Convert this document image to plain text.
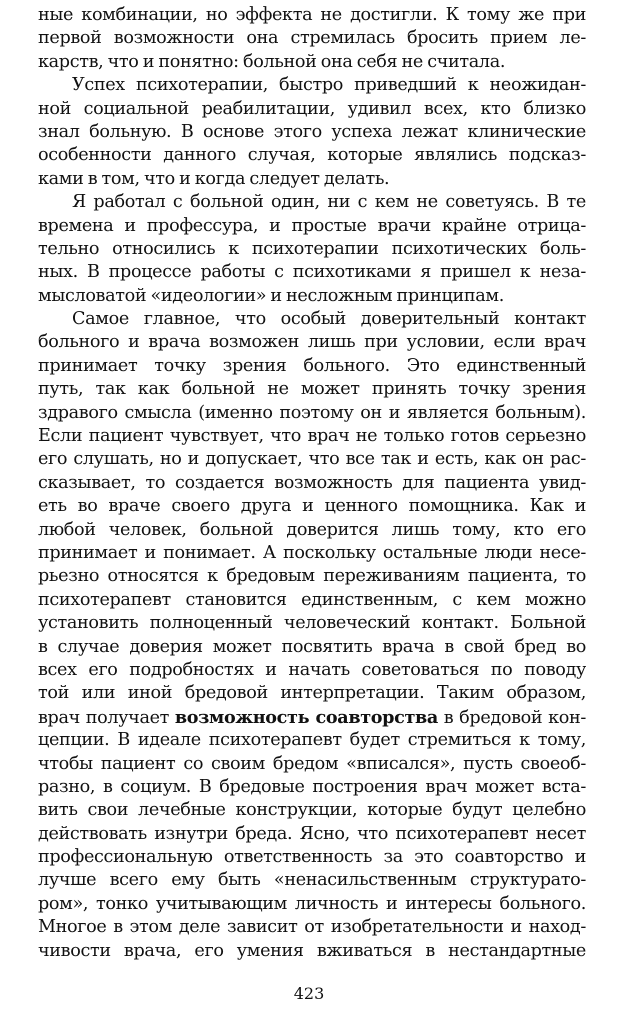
ные комбинации, но эффекта не достигли. К тому же при
первой возможности она стремилась бросить прием ле-
карств, что и понятно: больной она себя не считала.
Успех психотерапии, быстро приведший к неожидан-
ной социальной реабилитации, удивил всех, кто близко
знал больную. В основе этого успеха лежат клинические
особенности данного случая, которые являлись подсказ-
ками в том, что и когда следует делать.
Я работал с больной один, ни с кем не советуясь. В те
времена и профессура, и простые врачи крайне отрица-
тельно относились к психотерапии психотических боль-
ных. В процессе работы с психотиками я пришел к неза-
мысловатой «идеологии» и несложным принципам.
Самое главное, что особый доверительный контакт
больного и врача возможен лишь при условии, если врач
принимает точку зрения больного. Это единственный
путь, так как больной не может принять точку зрения
здравого смысла (именно поэтому он и является больным).
Если пациент чувствует, что врач не только готов серьезно
его слушать, но и допускает, что все так и есть, как он рас-
сказывает, то создается возможность для пациента увид-
еть во враче своего друга и ценного помощника. Как и
любой человек, больной доверится лишь тому, кто его
принимает и понимает. А поскольку остальные люди несе-
рьезно относятся к бредовым переживаниям пациента, то
психотерапевт становится единственным, с кем можно
установить полноценный человеческий контакт. Больной
в случае доверия может посвятить врача в свой бред во
всех его подробностях и начать советоваться по поводу
той или иной бредовой интерпретации. Таким образом,
врач получает возможность соавторства в бредовой кон-
цепции. В идеале психотерапевт будет стремиться к тому,
чтобы пациент со своим бредом «вписался», пусть своеоб-
разно, в социум. В бредовые построения врач может вста-
вить свои лечебные конструкции, которые будут целебно
действовать изнутри бреда. Ясно, что психотерапевт несет
профессиональную ответственность за это соавторство и
лучше всего ему быть «ненасильственным структурато-
ром», тонко учитывающим личность и интересы больного.
Многое в этом деле зависит от изобретательности и наход-
чивости врача, его умения вживаться в нестандартные
423
